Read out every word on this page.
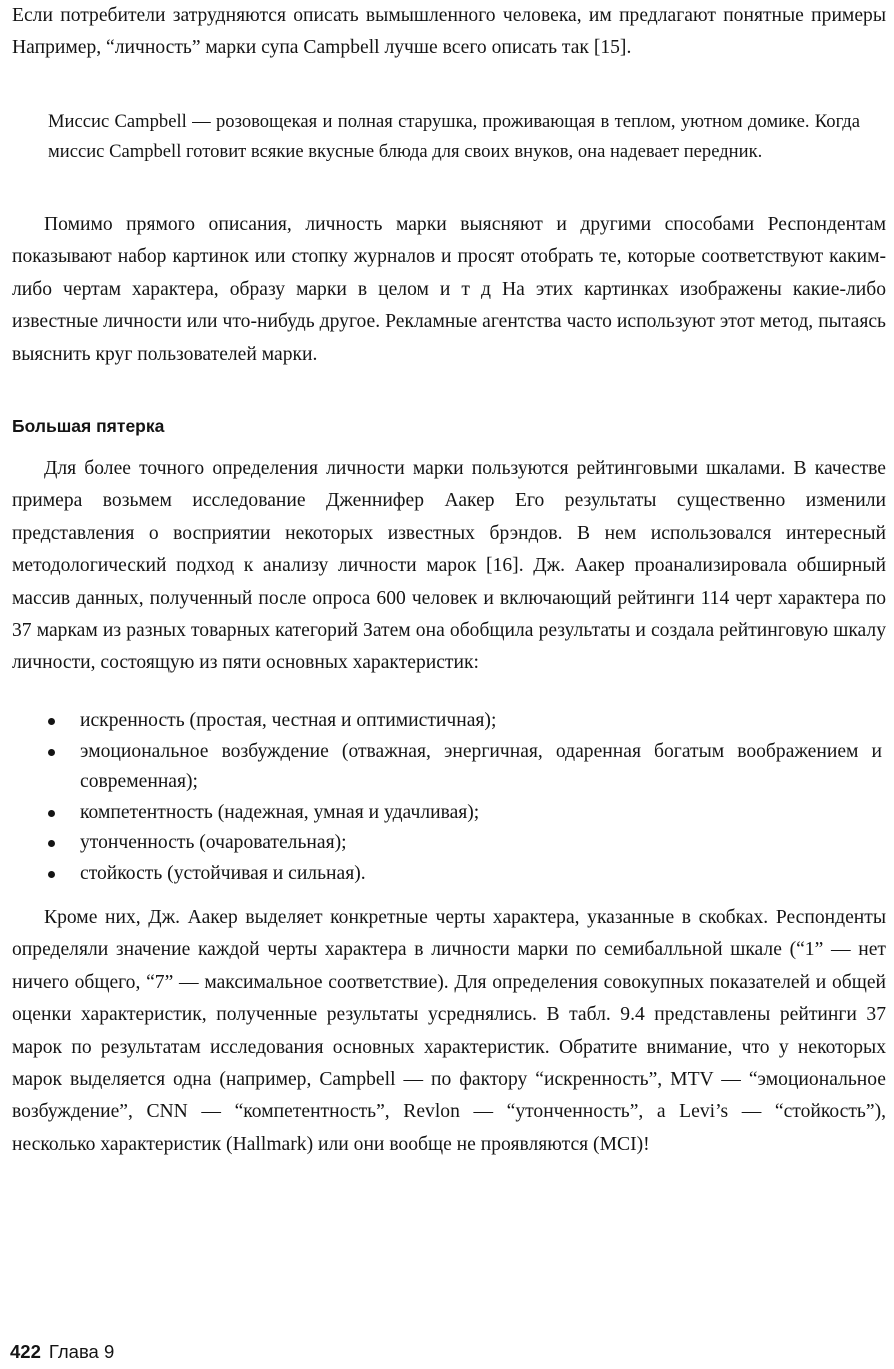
Если потребители затрудняются описать вымышленного человека, им предлагают понятные примеры Например, “личность” марки супа Campbell лучше всего описать так [15].

Миссис Campbell — розовощекая и полная старушка, проживающая в теплом, уютном домике. Когда миссис Campbell готовит всякие вкусные блюда для своих внуков, она надевает передник.

Помимо прямого описания, личность марки выясняют и другими способами Респондентам показывают набор картинок или стопку журналов и просят отобрать те, которые соответствуют каким-либо чертам характера, образу марки в целом и т д На этих картинках изображены какие-либо известные личности или что-нибудь другое. Рекламные агентства часто используют этот метод, пытаясь выяснить круг пользователей марки.

Большая пятерка

Для более точного определения личности марки пользуются рейтинговыми шкалами. В качестве примера возьмем исследование Дженнифер Аакер Его результаты существенно изменили представления о восприятии некоторых известных брэндов. В нем использовался интересный методологический подход к анализу личности марок [16]. Дж. Аакер проанализировала обширный массив данных, полученный после опроса 600 человек и включающий рейтинги 114 черт характера по 37 маркам из разных товарных категорий Затем она обобщила результаты и создала рейтинговую шкалу личности, состоящую из пяти основных характеристик:

искренность (простая, честная и оптимистичная);
эмоциональное возбуждение (отважная, энергичная, одаренная богатым воображением и современная);
компетентность (надежная, умная и удачливая);
утонченность (очаровательная);
стойкость (устойчивая и сильная).

Кроме них, Дж. Аакер выделяет конкретные черты характера, указанные в скобках. Респонденты определяли значение каждой черты характера в личности марки по семибалльной шкале (“1” — нет ничего общего, “7” — максимальное соответствие). Для определения совокупных показателей и общей оценки характеристик, полученные результаты усреднялись. В табл. 9.4 представлены рейтинги 37 марок по результатам исследования основных характеристик. Обратите внимание, что у некоторых марок выделяется одна (например, Campbell — по фактору “искренность”, MTV — “эмоциональное возбуждение”, CNN — “компетентность”, Revlon — “утонченность”, а Levi’s — “стойкость”), несколько характеристик (Hallmark) или они вообще не проявляются (MCI)!

422 Глава 9
